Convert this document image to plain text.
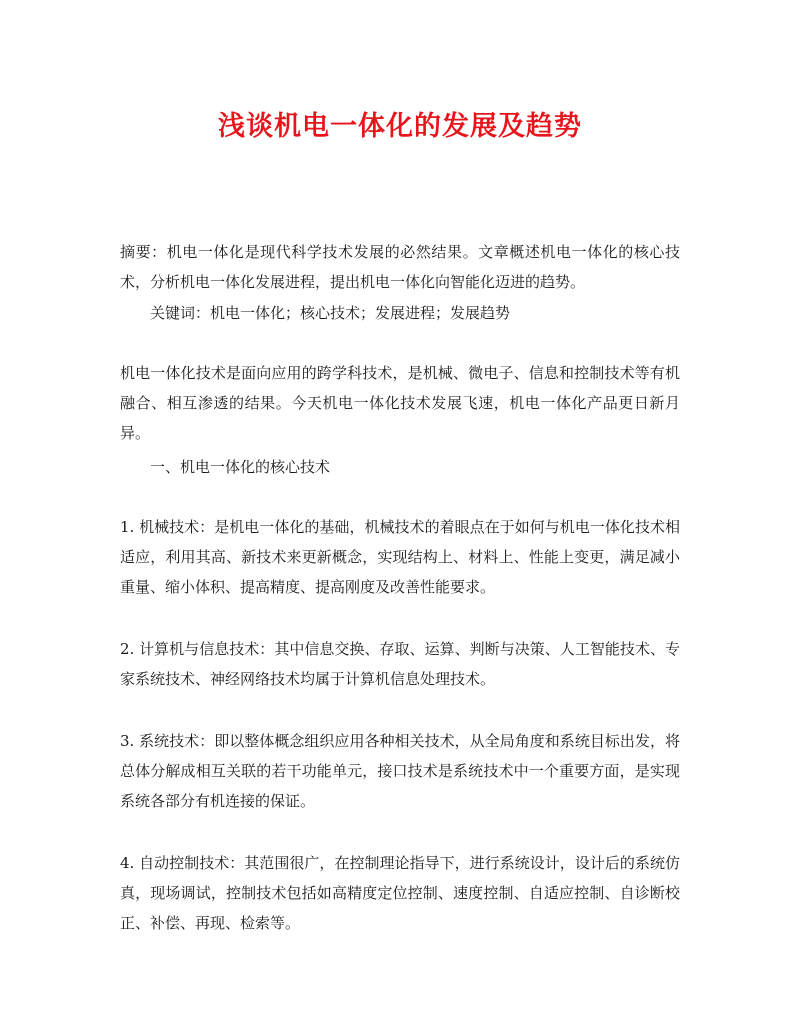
浅谈机电一体化的发展及趋势

摘要：机电一体化是现代科学技术发展的必然结果。文章概述机电一体化的核心技术，分析机电一体化发展进程，提出机电一体化向智能化迈进的趋势。

关键词：机电一体化；核心技术；发展进程；发展趋势

机电一体化技术是面向应用的跨学科技术，是机械、微电子、信息和控制技术等有机融合、相互渗透的结果。今天机电一体化技术发展飞速，机电一体化产品更日新月异。

一、机电一体化的核心技术

1. 机械技术：是机电一体化的基础，机械技术的着眼点在于如何与机电一体化技术相适应，利用其高、新技术来更新概念，实现结构上、材料上、性能上变更，满足减小重量、缩小体积、提高精度、提高刚度及改善性能要求。

2. 计算机与信息技术：其中信息交换、存取、运算、判断与决策、人工智能技术、专家系统技术、神经网络技术均属于计算机信息处理技术。

3. 系统技术：即以整体概念组织应用各种相关技术，从全局角度和系统目标出发，将总体分解成相互关联的若干功能单元，接口技术是系统技术中一个重要方面，是实现系统各部分有机连接的保证。

4. 自动控制技术：其范围很广，在控制理论指导下，进行系统设计，设计后的系统仿真，现场调试，控制技术包括如高精度定位控制、速度控制、自适应控制、自诊断校正、补偿、再现、检索等。
